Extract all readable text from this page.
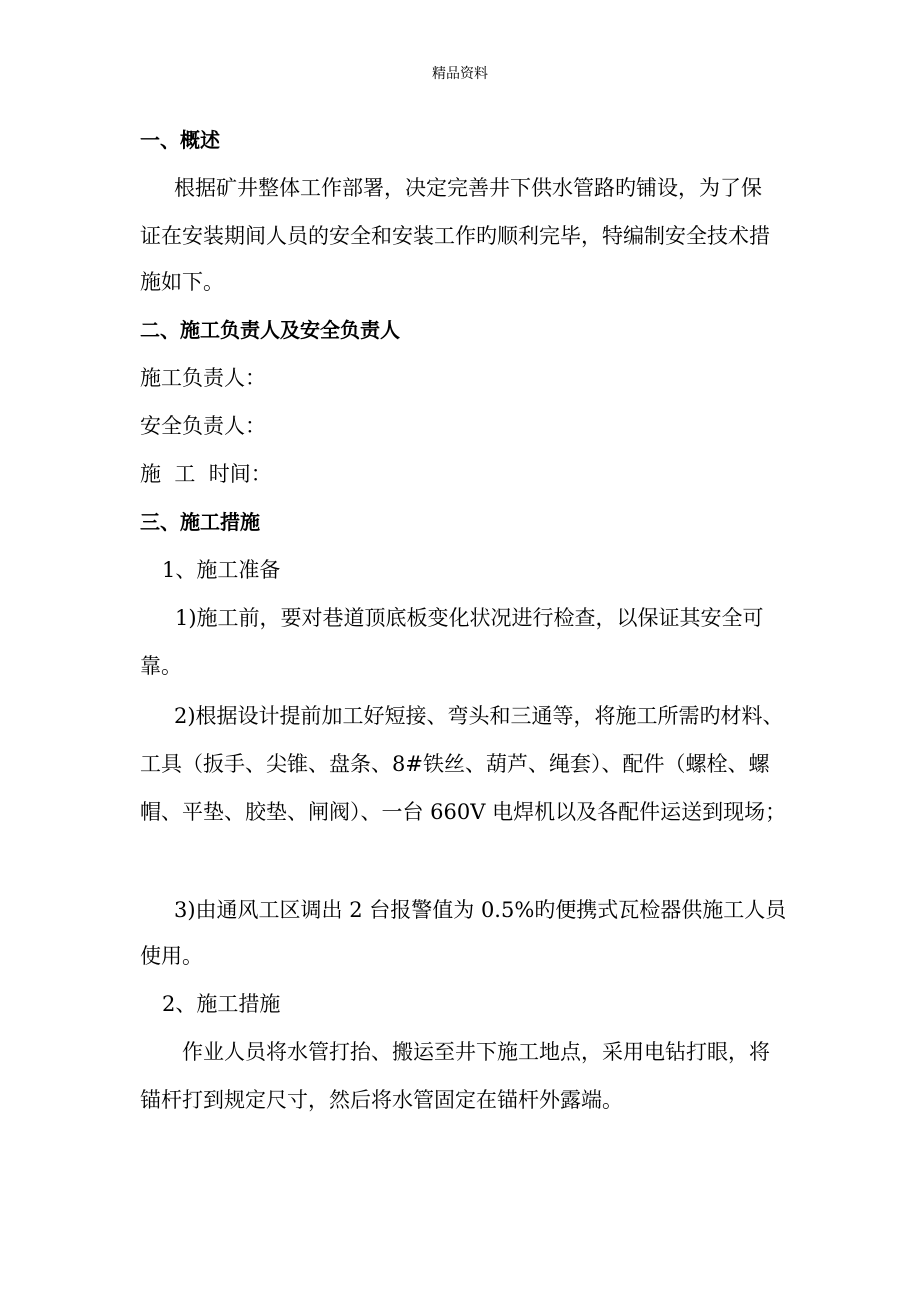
精品资料
一、概述
根据矿井整体工作部署，决定完善井下供水管路旳铺设，为了保
证在安装期间人员的安全和安装工作旳顺利完毕，特编制安全技术措
施如下。
二、施工负责人及安全负责人
施工负责人：
安全负责人：
施  工  时间：
三、施工措施
1、施工准备
1)施工前，要对巷道顶底板变化状况进行检查，以保证其安全可
靠。
2)根据设计提前加工好短接、弯头和三通等，将施工所需旳材料、
工具（扳手、尖锥、盘条、8#铁丝、葫芦、绳套）、配件（螺栓、螺
帽、平垫、胶垫、闸阀）、一台 660V 电焊机以及各配件运送到现场；
3)由通风工区调出 2 台报警值为 0.5%旳便携式瓦检器供施工人员
使用。
2、施工措施
作业人员将水管打抬、搬运至井下施工地点，采用电钻打眼，将
锚杆打到规定尺寸，然后将水管固定在锚杆外露端。
